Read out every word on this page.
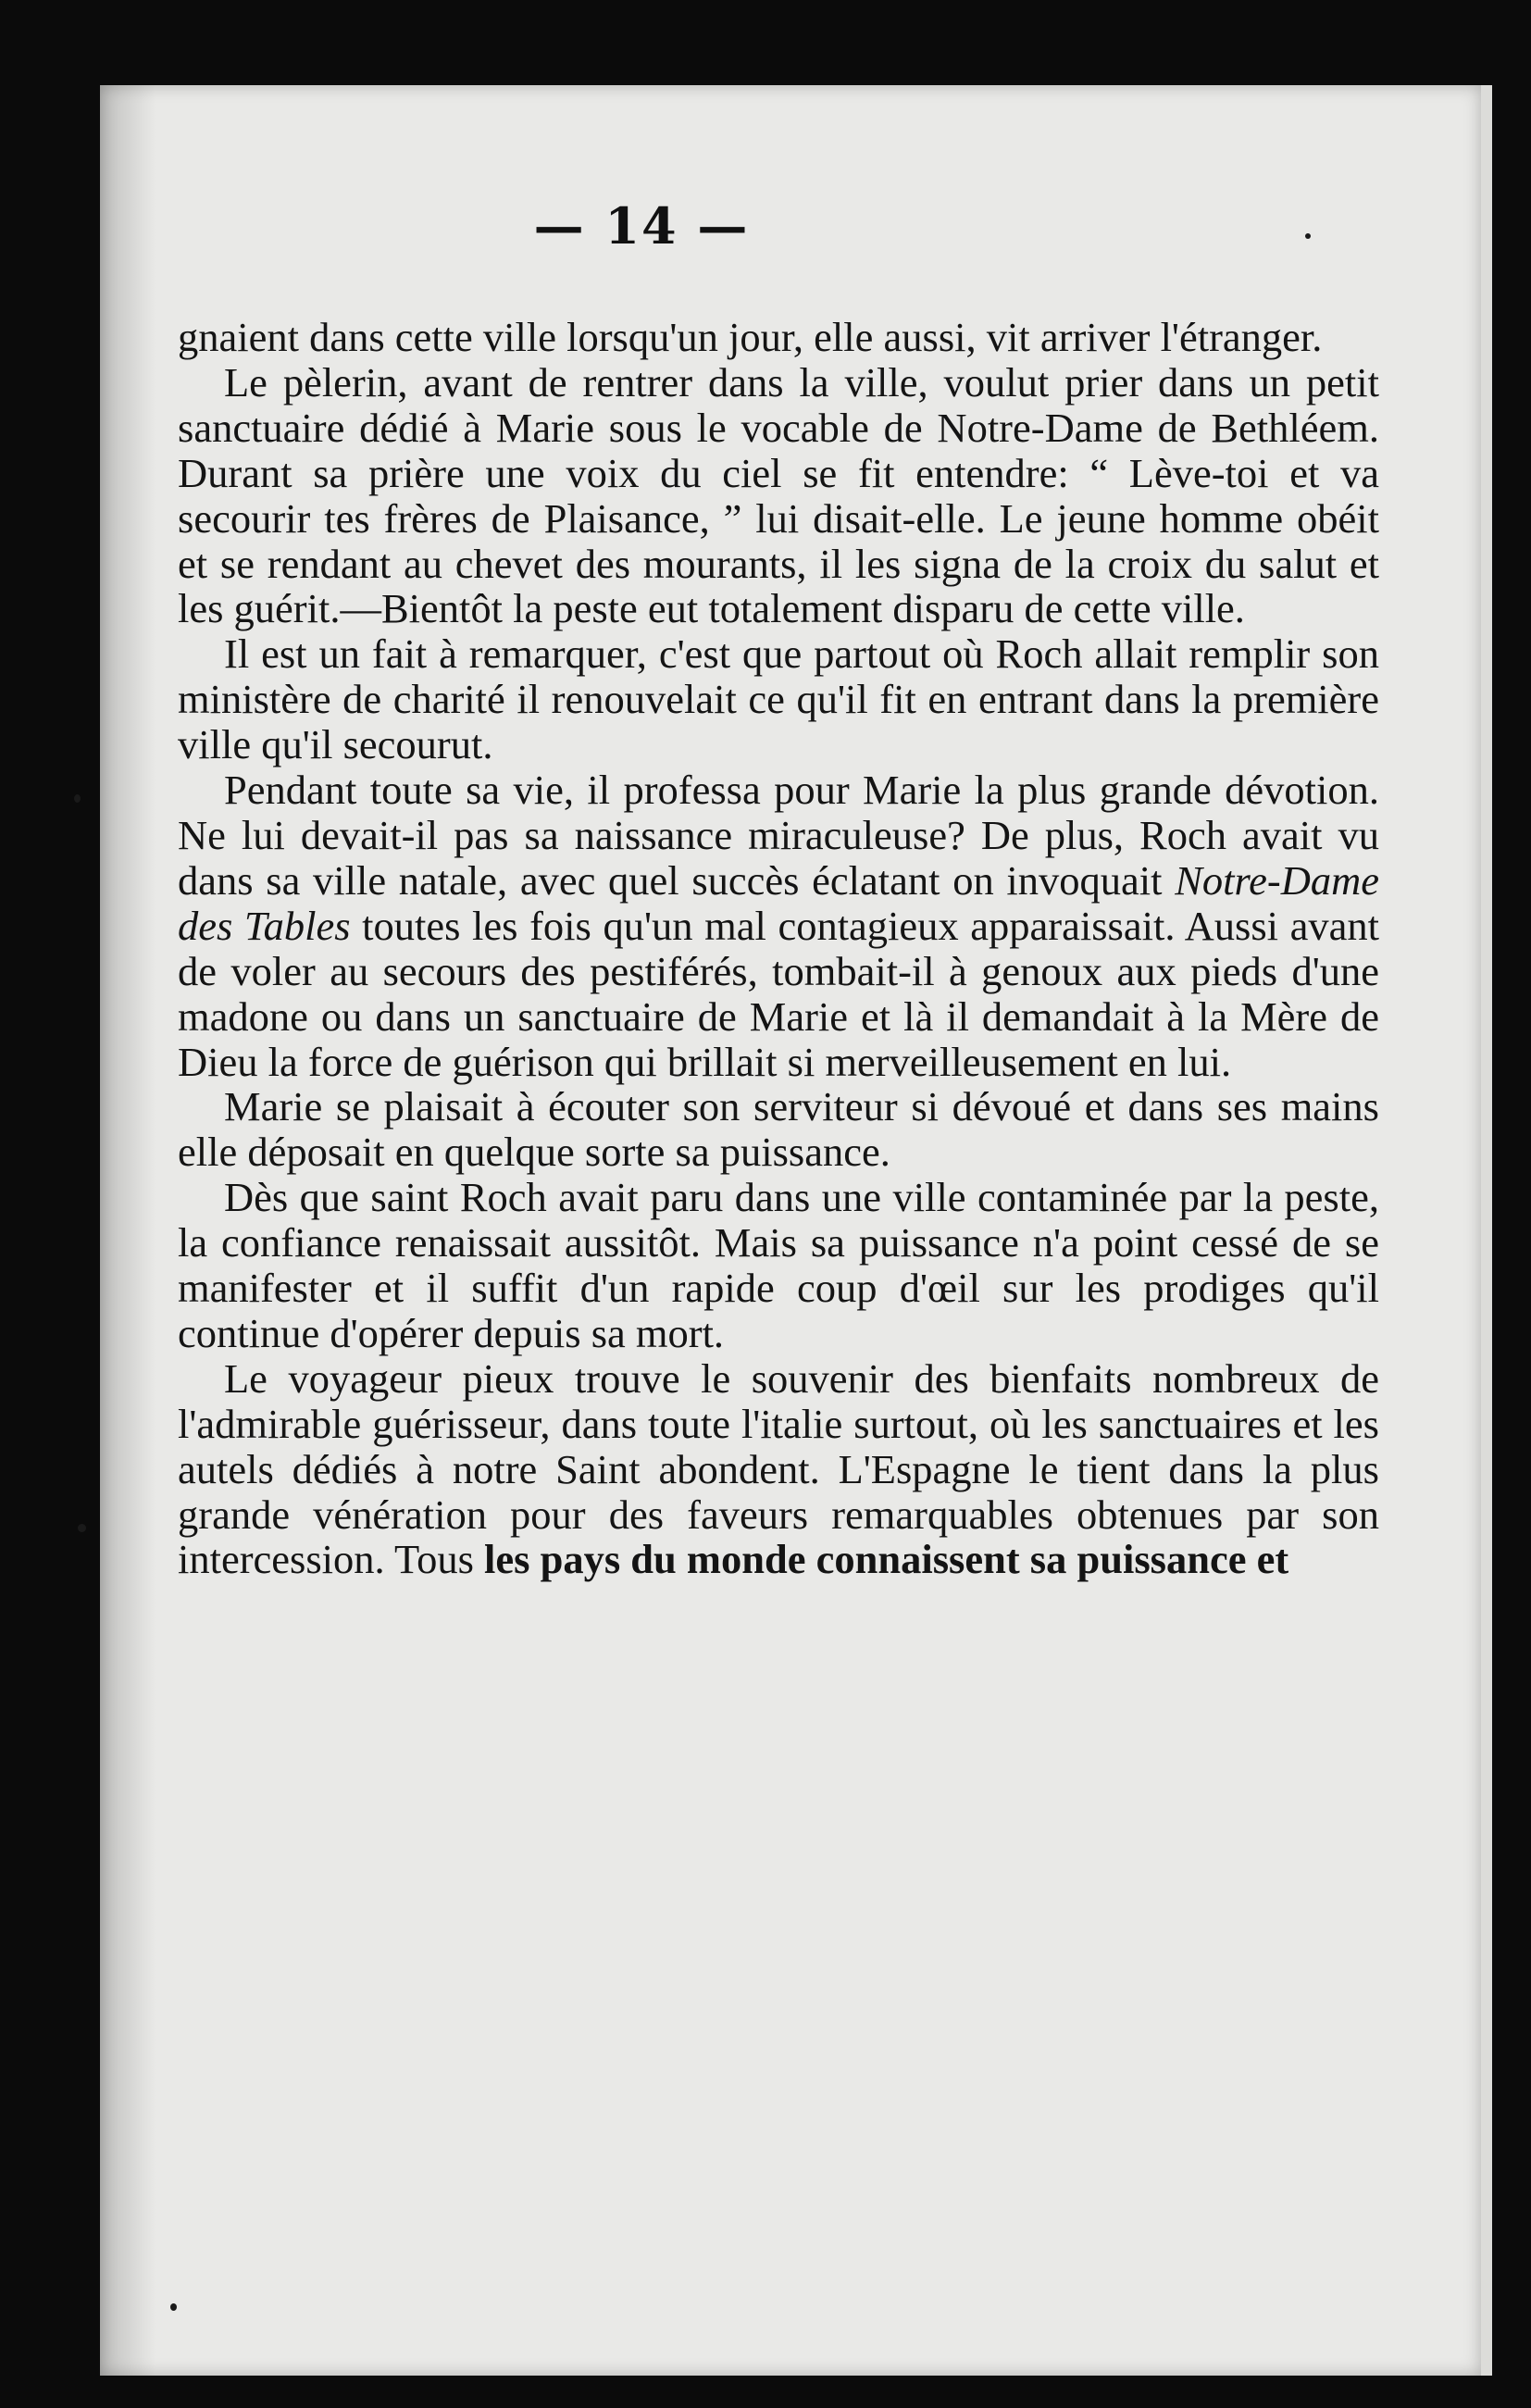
— 14 —

gnaient dans cette ville lorsqu'un jour, elle aussi, vit arriver l'étranger.

Le pèlerin, avant de rentrer dans la ville, voulut prier dans un petit sanctuaire dédié à Marie sous le vocable de Notre-Dame de Bethléem. Durant sa prière une voix du ciel se fit entendre: “ Lève-toi et va secourir tes frères de Plaisance, ” lui disait-elle. Le jeune homme obéit et se rendant au chevet des mourants, il les signa de la croix du salut et les guérit.—Bientôt la peste eut totalement disparu de cette ville.

Il est un fait à remarquer, c'est que partout où Roch allait remplir son ministère de charité il renouvelait ce qu'il fit en entrant dans la première ville qu'il secourut.

Pendant toute sa vie, il professa pour Marie la plus grande dévotion. Ne lui devait-il pas sa naissance miraculeuse? De plus, Roch avait vu dans sa ville natale, avec quel succès éclatant on invoquait Notre-Dame des Tables toutes les fois qu'un mal contagieux apparaissait. Aussi avant de voler au secours des pestiférés, tombait-il à genoux aux pieds d'une madone ou dans un sanctuaire de Marie et là il demandait à la Mère de Dieu la force de guérison qui brillait si merveilleusement en lui.

Marie se plaisait à écouter son serviteur si dévoué et dans ses mains elle déposait en quelque sorte sa puissance.

Dès que saint Roch avait paru dans une ville contaminée par la peste, la confiance renaissait aussitôt. Mais sa puissance n'a point cessé de se manifester et il suffit d'un rapide coup d'œil sur les prodiges qu'il continue d'opérer depuis sa mort.

Le voyageur pieux trouve le souvenir des bienfaits nombreux de l'admirable guérisseur, dans toute l'italie surtout, où les sanctuaires et les autels dédiés à notre Saint abondent. L'Espagne le tient dans la plus grande vénération pour des faveurs remarquables obtenues par son intercession. Tous les pays du monde connaissent sa puissance et
